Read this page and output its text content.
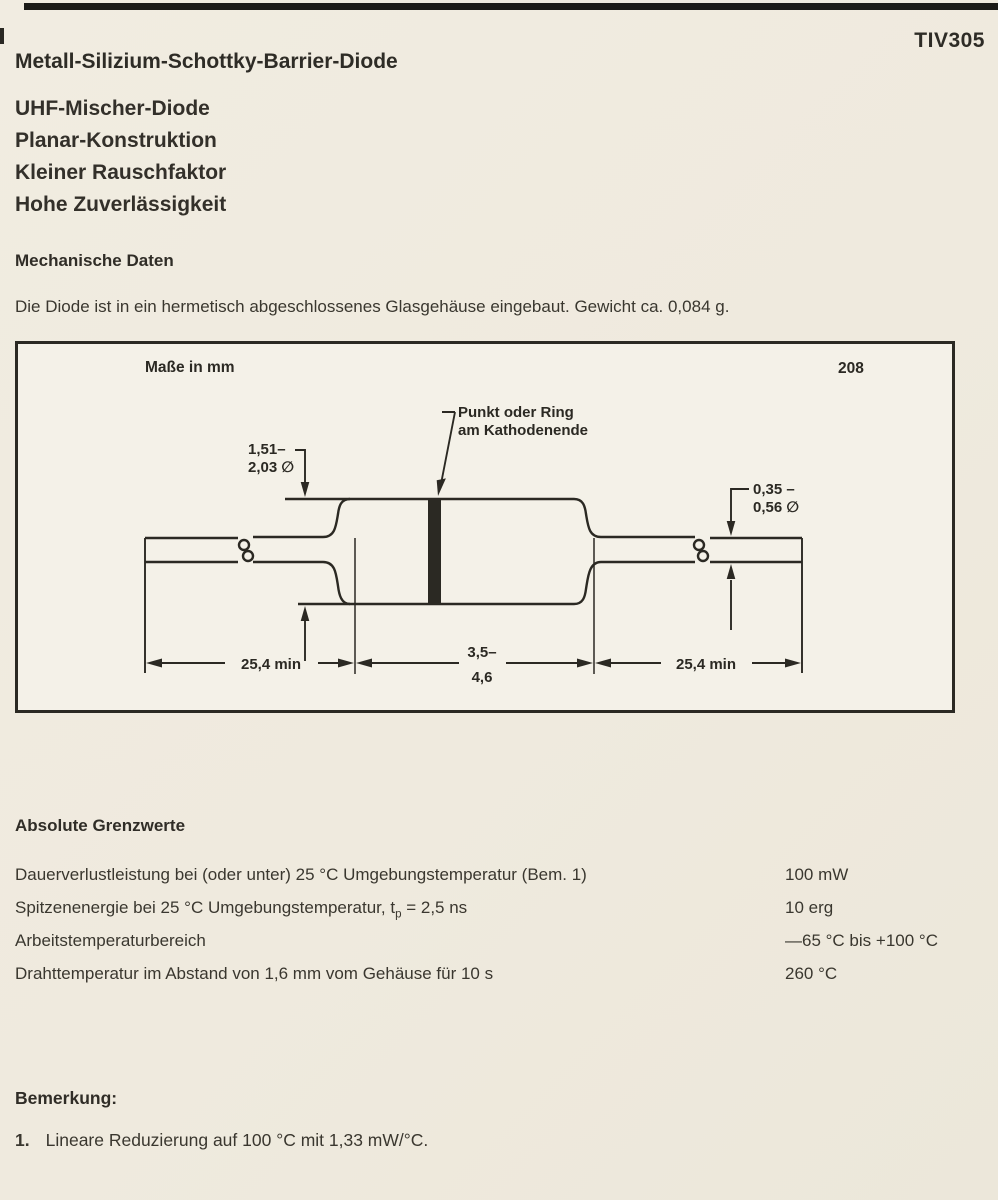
TIV305
Metall-Silizium-Schottky-Barrier-Diode
UHF-Mischer-Diode
Planar-Konstruktion
Kleiner Rauschfaktor
Hohe Zuverlässigkeit
Mechanische Daten
Die Diode ist in ein hermetisch abgeschlossenes Glasgehäuse eingebaut. Gewicht ca. 0,084 g.
Maße in mm	208
Punkt oder Ring
am Kathodenende
1,51–
2,03 ∅
0,35 –
0,56 ∅
25,4 min
3,5–
4,6
25,4 min
Absolute Grenzwerte
Dauerverlustleistung bei (oder unter) 25 °C Umgebungstemperatur (Bem. 1)	100 mW
Spitzenenergie bei 25 °C Umgebungstemperatur, $t_p = 2,5$ ns	10 erg
Arbeitstemperaturbereich	—65 °C bis +100 °C
Drahttemperatur im Abstand von 1,6 mm vom Gehäuse für 10 s	260 °C
Bemerkung:
1. Lineare Reduzierung auf 100 °C mit 1,33 mW/°C.
